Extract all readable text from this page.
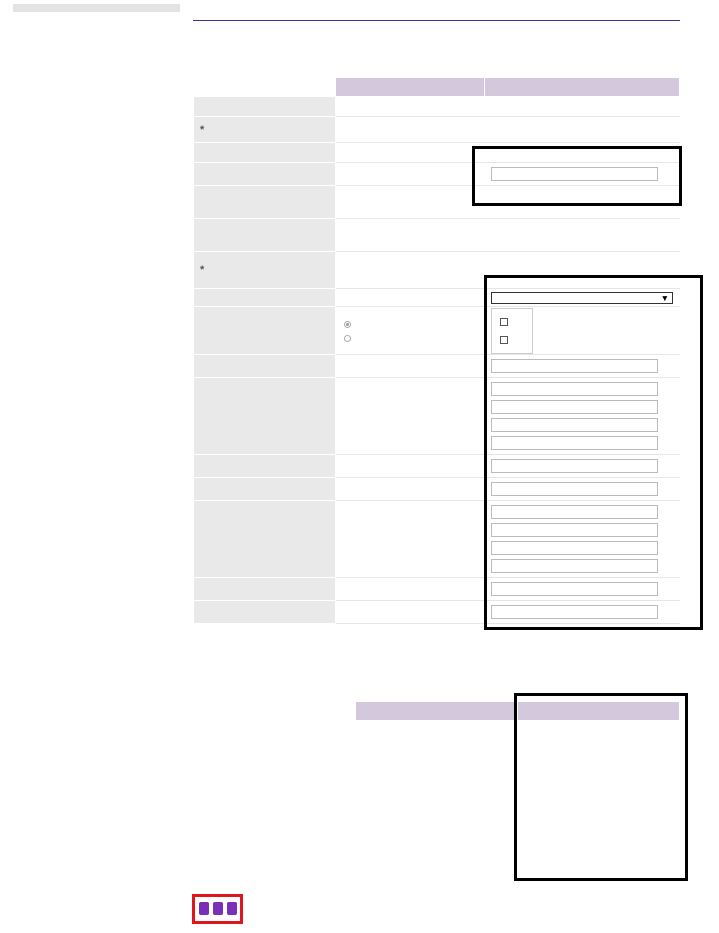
*		

*	

		▼
